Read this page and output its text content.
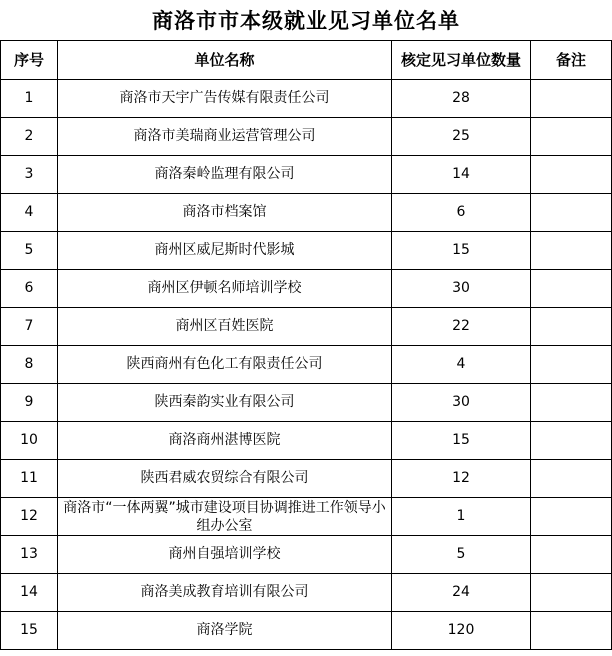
商洛市市本级就业见习单位名单
序号	单位名称	核定见习单位数量	备注
1	商洛市天宇广告传媒有限责任公司	28	
2	商洛市美瑞商业运营管理公司	25	
3	商洛秦岭监理有限公司	14	
4	商洛市档案馆	6	
5	商州区威尼斯时代影城	15	
6	商州区伊顿名师培训学校	30	
7	商州区百姓医院	22	
8	陕西商州有色化工有限责任公司	4	
9	陕西秦韵实业有限公司	30	
10	商洛商州湛博医院	15	
11	陕西君威农贸综合有限公司	12	
12	商洛市“一体两翼”城市建设项目协调推进工作领导小组办公室	1	
13	商州自强培训学校	5	
14	商洛美成教育培训有限公司	24	
15	商洛学院	120	
